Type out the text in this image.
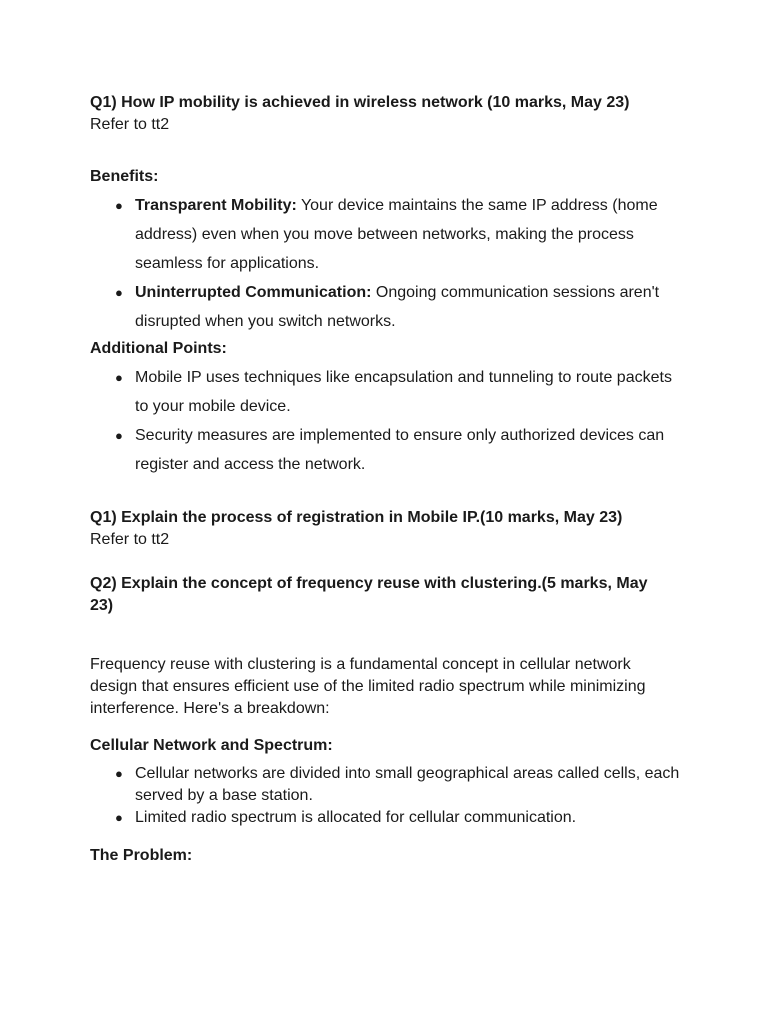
Q1) How IP mobility is achieved in wireless network (10 marks, May 23)

Refer to tt2

Benefits:

● Transparent Mobility: Your device maintains the same IP address (home address) even when you move between networks, making the process seamless for applications.
● Uninterrupted Communication: Ongoing communication sessions aren't disrupted when you switch networks.

Additional Points:

● Mobile IP uses techniques like encapsulation and tunneling to route packets to your mobile device.
● Security measures are implemented to ensure only authorized devices can register and access the network.

Q1) Explain the process of registration in Mobile IP.(10 marks, May 23)

Refer to tt2

Q2) Explain the concept of frequency reuse with clustering.(5 marks, May 23)

Frequency reuse with clustering is a fundamental concept in cellular network design that ensures efficient use of the limited radio spectrum while minimizing interference. Here's a breakdown:

Cellular Network and Spectrum:

● Cellular networks are divided into small geographical areas called cells, each served by a base station.
● Limited radio spectrum is allocated for cellular communication.

The Problem:
